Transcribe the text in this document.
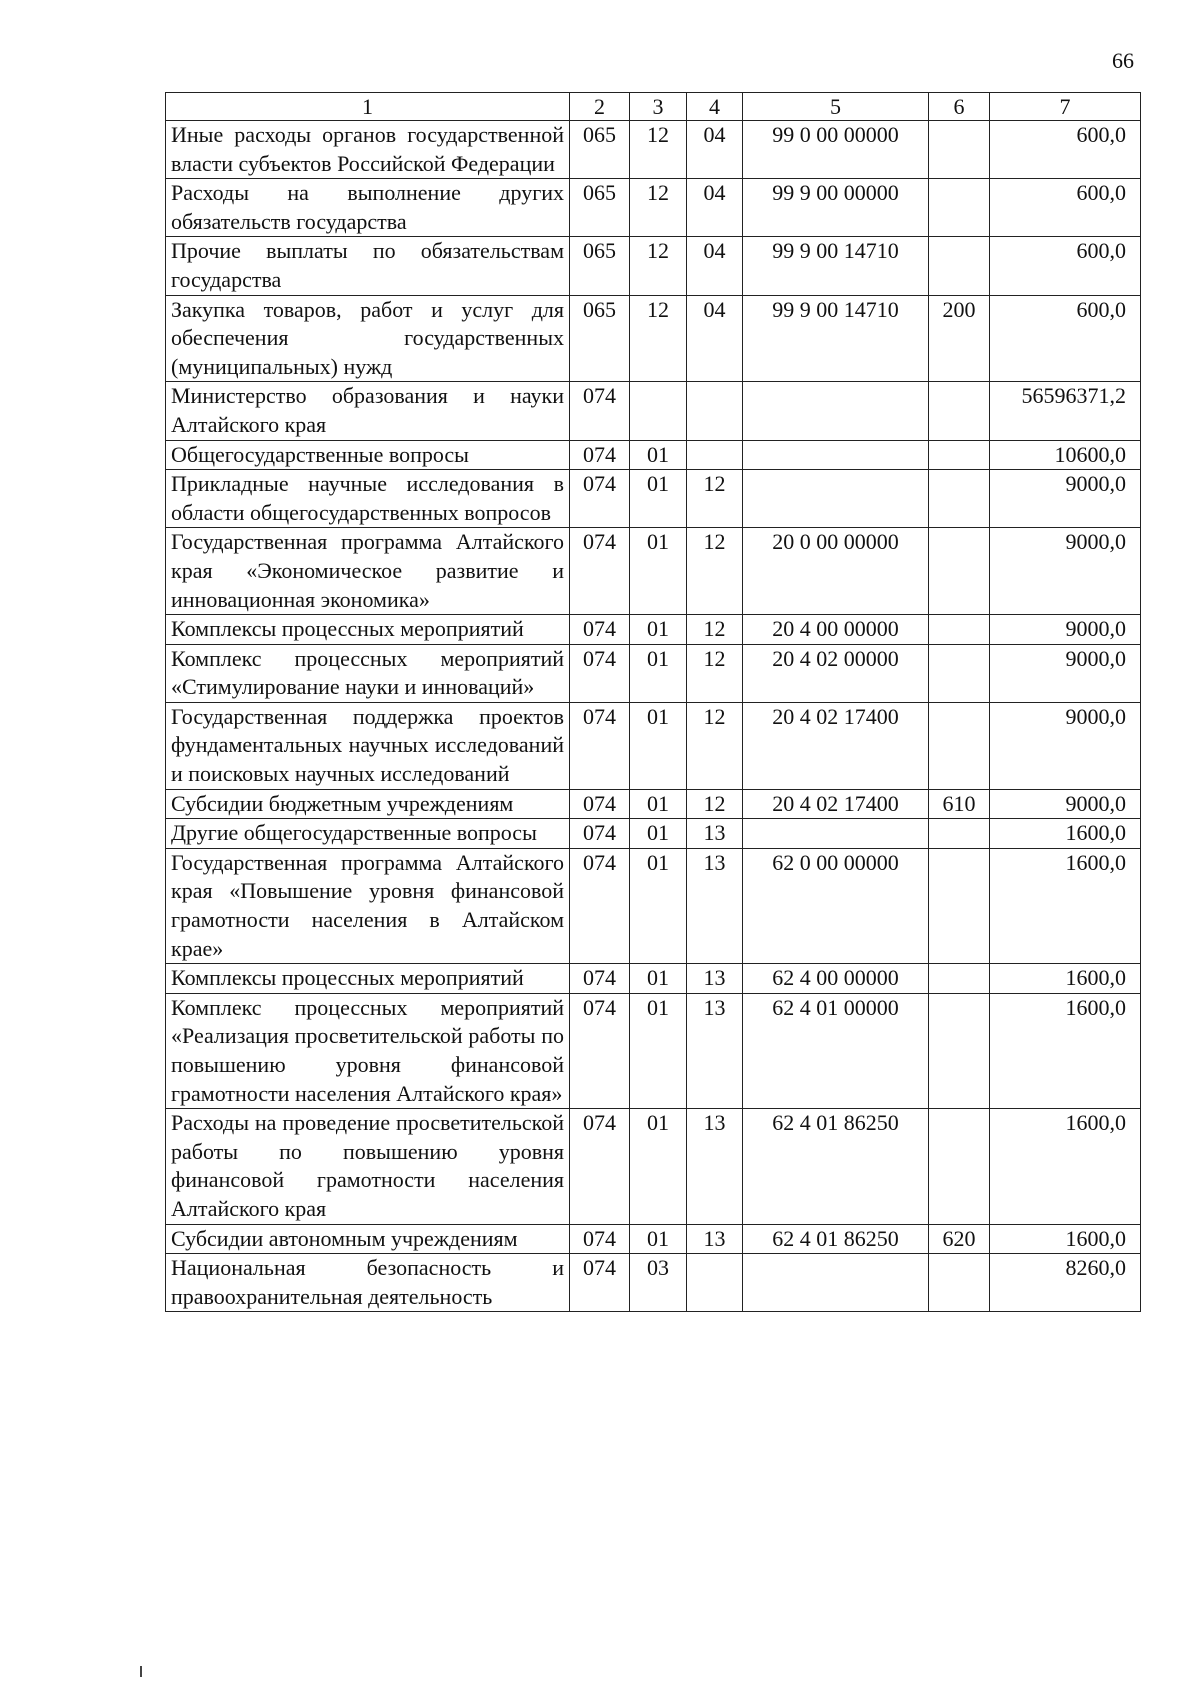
66
1	2	3	4	5	6	7
Иные расходы органов государственной власти субъектов Российской Федерации	065	12	04	99 0 00 00000		600,0
Расходы на выполнение других обязательств государства	065	12	04	99 9 00 00000		600,0
Прочие выплаты по обязательствам государства	065	12	04	99 9 00 14710		600,0
Закупка товаров, работ и услуг для обеспечения государственных (муниципальных) нужд	065	12	04	99 9 00 14710	200	600,0
Министерство образования и науки Алтайского края	074					56596371,2
Общегосударственные вопросы	074	01				10600,0
Прикладные научные исследования в области общегосударственных вопросов	074	01	12			9000,0
Государственная программа Алтайского края «Экономическое развитие и инновационная экономика»	074	01	12	20 0 00 00000		9000,0
Комплексы процессных мероприятий	074	01	12	20 4 00 00000		9000,0
Комплекс процессных мероприятий «Стимулирование науки и инноваций»	074	01	12	20 4 02 00000		9000,0
Государственная поддержка проектов фундаментальных научных исследований и поисковых научных исследований	074	01	12	20 4 02 17400		9000,0
Субсидии бюджетным учреждениям	074	01	12	20 4 02 17400	610	9000,0
Другие общегосударственные вопросы	074	01	13			1600,0
Государственная программа Алтайского края «Повышение уровня финансовой грамотности населения в Алтайском крае»	074	01	13	62 0 00 00000		1600,0
Комплексы процессных мероприятий	074	01	13	62 4 00 00000		1600,0
Комплекс процессных мероприятий «Реализация просветительской работы по повышению уровня финансовой грамотности населения Алтайского края»	074	01	13	62 4 01 00000		1600,0
Расходы на проведение просветительской работы по повышению уровня финансовой грамотности населения Алтайского края	074	01	13	62 4 01 86250		1600,0
Субсидии автономным учреждениям	074	01	13	62 4 01 86250	620	1600,0
Национальная безопасность и правоохранительная деятельность	074	03				8260,0
